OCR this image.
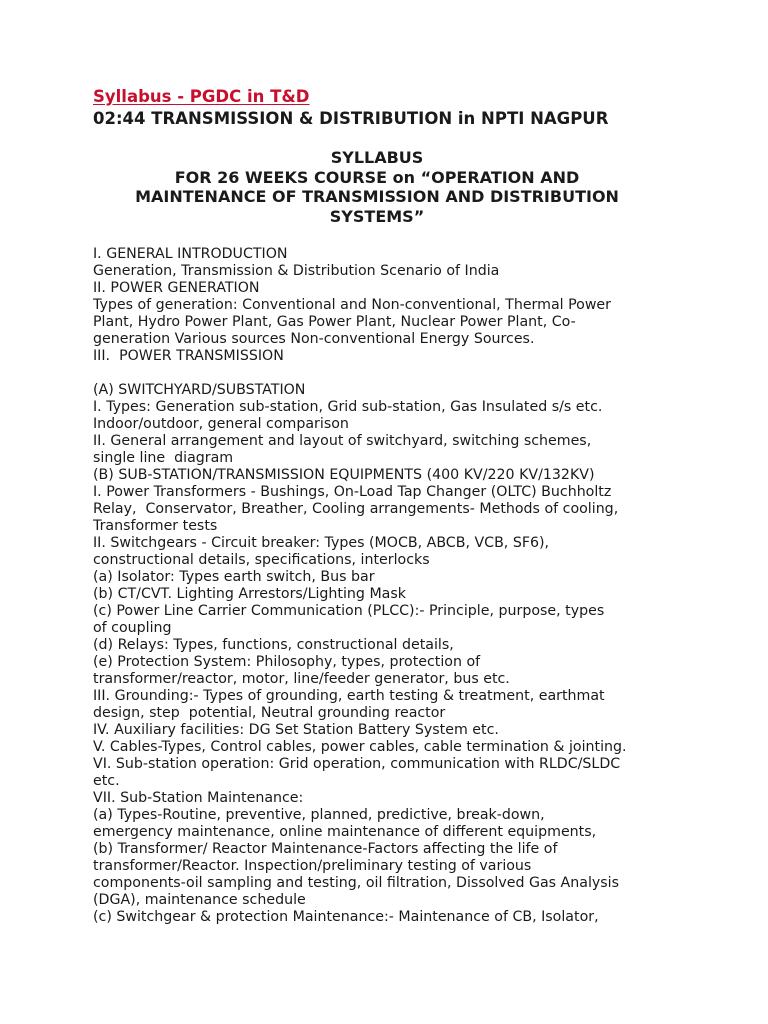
Syllabus - PGDC in T&D
02:44 TRANSMISSION & DISTRIBUTION in NPTI NAGPUR
SYLLABUS
FOR 26 WEEKS COURSE on “OPERATION AND
MAINTENANCE OF TRANSMISSION AND DISTRIBUTION
SYSTEMS”
I. GENERAL INTRODUCTION
Generation, Transmission & Distribution Scenario of India
II. POWER GENERATION
Types of generation: Conventional and Non-conventional, Thermal Power
Plant, Hydro Power Plant, Gas Power Plant, Nuclear Power Plant, Co-
generation Various sources Non-conventional Energy Sources.
III.  POWER TRANSMISSION
(A) SWITCHYARD/SUBSTATION
I. Types: Generation sub-station, Grid sub-station, Gas Insulated s/s etc.
Indoor/outdoor, general comparison
II. General arrangement and layout of switchyard, switching schemes,
single line  diagram
(B) SUB-STATION/TRANSMISSION EQUIPMENTS (400 KV/220 KV/132KV)
I. Power Transformers - Bushings, On-Load Tap Changer (OLTC) Buchholtz
Relay,  Conservator, Breather, Cooling arrangements- Methods of cooling,
Transformer tests
II. Switchgears - Circuit breaker: Types (MOCB, ABCB, VCB, SF6),
constructional details, specifications, interlocks
(a) Isolator: Types earth switch, Bus bar
(b) CT/CVT. Lighting Arrestors/Lighting Mask
(c) Power Line Carrier Communication (PLCC):- Principle, purpose, types
of coupling
(d) Relays: Types, functions, constructional details,
(e) Protection System: Philosophy, types, protection of
transformer/reactor, motor, line/feeder generator, bus etc.
III. Grounding:- Types of grounding, earth testing & treatment, earthmat
design, step  potential, Neutral grounding reactor
IV. Auxiliary facilities: DG Set Station Battery System etc.
V. Cables-Types, Control cables, power cables, cable termination & jointing.
VI. Sub-station operation: Grid operation, communication with RLDC/SLDC
etc.
VII. Sub-Station Maintenance:
(a) Types-Routine, preventive, planned, predictive, break-down,
emergency maintenance, online maintenance of different equipments,
(b) Transformer/ Reactor Maintenance-Factors affecting the life of
transformer/Reactor. Inspection/preliminary testing of various
components-oil sampling and testing, oil filtration, Dissolved Gas Analysis
(DGA), maintenance schedule
(c) Switchgear & protection Maintenance:- Maintenance of CB, Isolator,
